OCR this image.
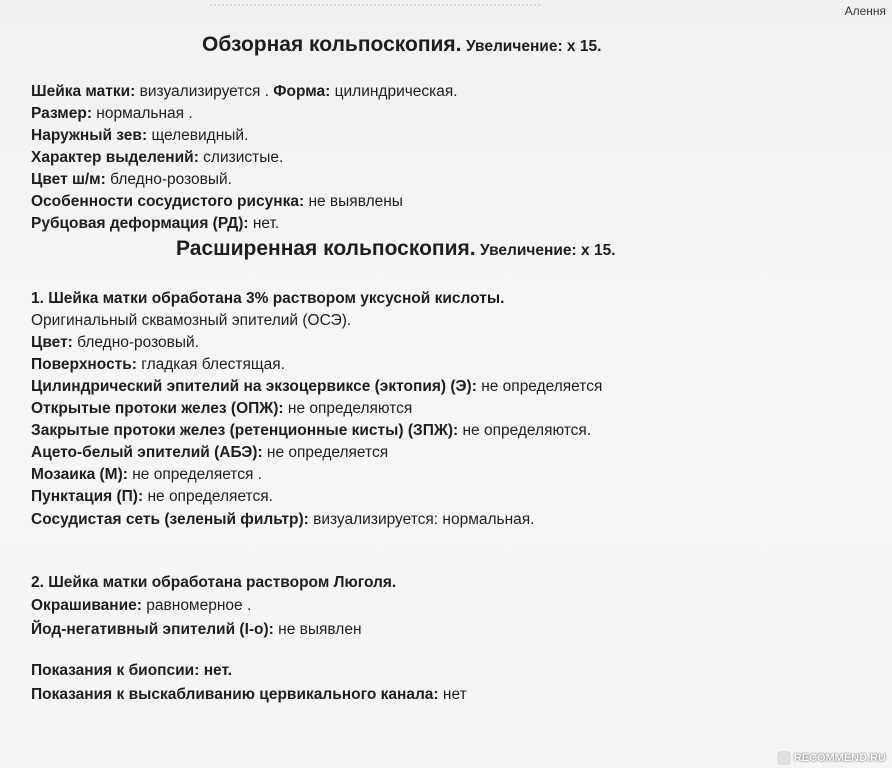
Алення
Обзорная кольпоскопия. Увеличение: х 15.
Шейка матки: визуализируется . Форма: цилиндрическая.
Размер: нормальная .
Наружный зев: щелевидный.
Характер выделений: слизистые.
Цвет ш/м: бледно-розовый.
Особенности сосудистого рисунка: не выявлены
Рубцовая деформация (РД): нет.
Расширенная кольпоскопия. Увеличение: х 15.
1. Шейка матки обработана 3% раствором уксусной кислоты.
Оригинальный сквамозный эпителий (ОСЭ).
Цвет: бледно-розовый.
Поверхность: гладкая блестящая.
Цилиндрический эпителий на экзоцервиксе (эктопия) (Э): не определяется
Открытые протоки желез (ОПЖ): не определяются
Закрытые протоки желез (ретенционные кисты) (ЗПЖ): не определяются.
Ацето-белый эпителий (АБЭ): не определяется
Мозаика (М): не определяется .
Пунктация (П): не определяется.
Сосудистая сеть (зеленый фильтр): визуализируется: нормальная.
2. Шейка матки обработана раствором Люголя.
Окрашивание: равномерное .
Йод-негативный эпителий (I-о): не выявлен
Показания к биопсии: нет.
Показания к выскабливанию цервикального канала: нет
RECOMMEND.RU
